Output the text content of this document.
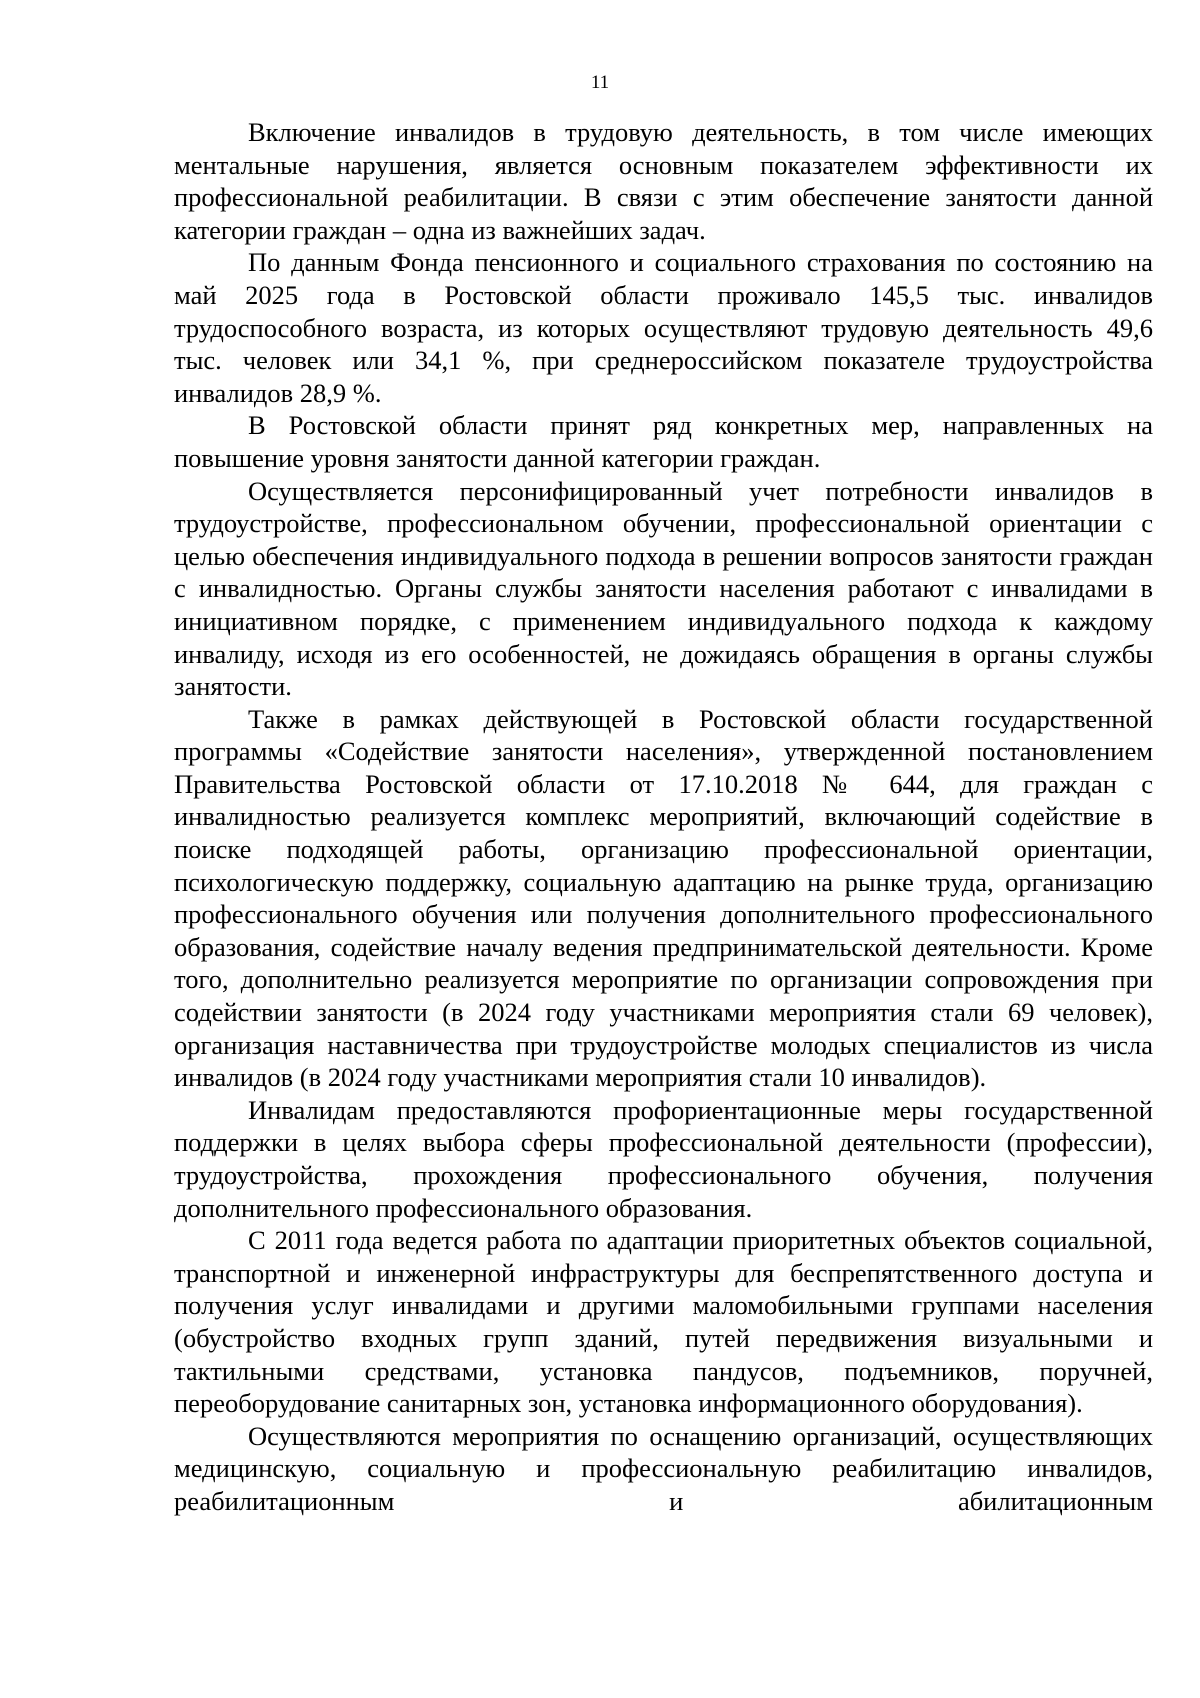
11

Включение инвалидов в трудовую деятельность, в том числе имеющих ментальные нарушения, является основным показателем эффективности их профессиональной реабилитации. В связи с этим обеспечение занятости данной категории граждан – одна из важнейших задач.

По данным Фонда пенсионного и социального страхования по состоянию на май 2025 года в Ростовской области проживало 145,5 тыс. инвалидов трудоспособного возраста, из которых осуществляют трудовую деятельность 49,6 тыс. человек или 34,1 %, при среднероссийском показателе трудоустройства инвалидов 28,9 %.

В Ростовской области принят ряд конкретных мер, направленных на повышение уровня занятости данной категории граждан.

Осуществляется персонифицированный учет потребности инвалидов в трудоустройстве, профессиональном обучении, профессиональной ориентации с целью обеспечения индивидуального подхода в решении вопросов занятости граждан с инвалидностью. Органы службы занятости населения работают с инвалидами в инициативном порядке, с применением индивидуального подхода к каждому инвалиду, исходя из его особенностей, не дожидаясь обращения в органы службы занятости.

Также в рамках действующей в Ростовской области государственной программы «Содействие занятости населения», утвержденной постановлением Правительства Ростовской области от 17.10.2018 № 644, для граждан с инвалидностью реализуется комплекс мероприятий, включающий содействие в поиске подходящей работы, организацию профессиональной ориентации, психологическую поддержку, социальную адаптацию на рынке труда, организацию профессионального обучения или получения дополнительного профессионального образования, содействие началу ведения предпринимательской деятельности. Кроме того, дополнительно реализуется мероприятие по организации сопровождения при содействии занятости (в 2024 году участниками мероприятия стали 69 человек), организация наставничества при трудоустройстве молодых специалистов из числа инвалидов (в 2024 году участниками мероприятия стали 10 инвалидов).

Инвалидам предоставляются профориентационные меры государственной поддержки в целях выбора сферы профессиональной деятельности (профессии), трудоустройства, прохождения профессионального обучения, получения дополнительного профессионального образования.

С 2011 года ведется работа по адаптации приоритетных объектов социальной, транспортной и инженерной инфраструктуры для беспрепятственного доступа и получения услуг инвалидами и другими маломобильными группами населения (обустройство входных групп зданий, путей передвижения визуальными и тактильными средствами, установка пандусов, подъемников, поручней, переоборудование санитарных зон, установка информационного оборудования).

Осуществляются мероприятия по оснащению организаций, осуществляющих медицинскую, социальную и профессиональную реабилитацию инвалидов, реабилитационным и абилитационным
